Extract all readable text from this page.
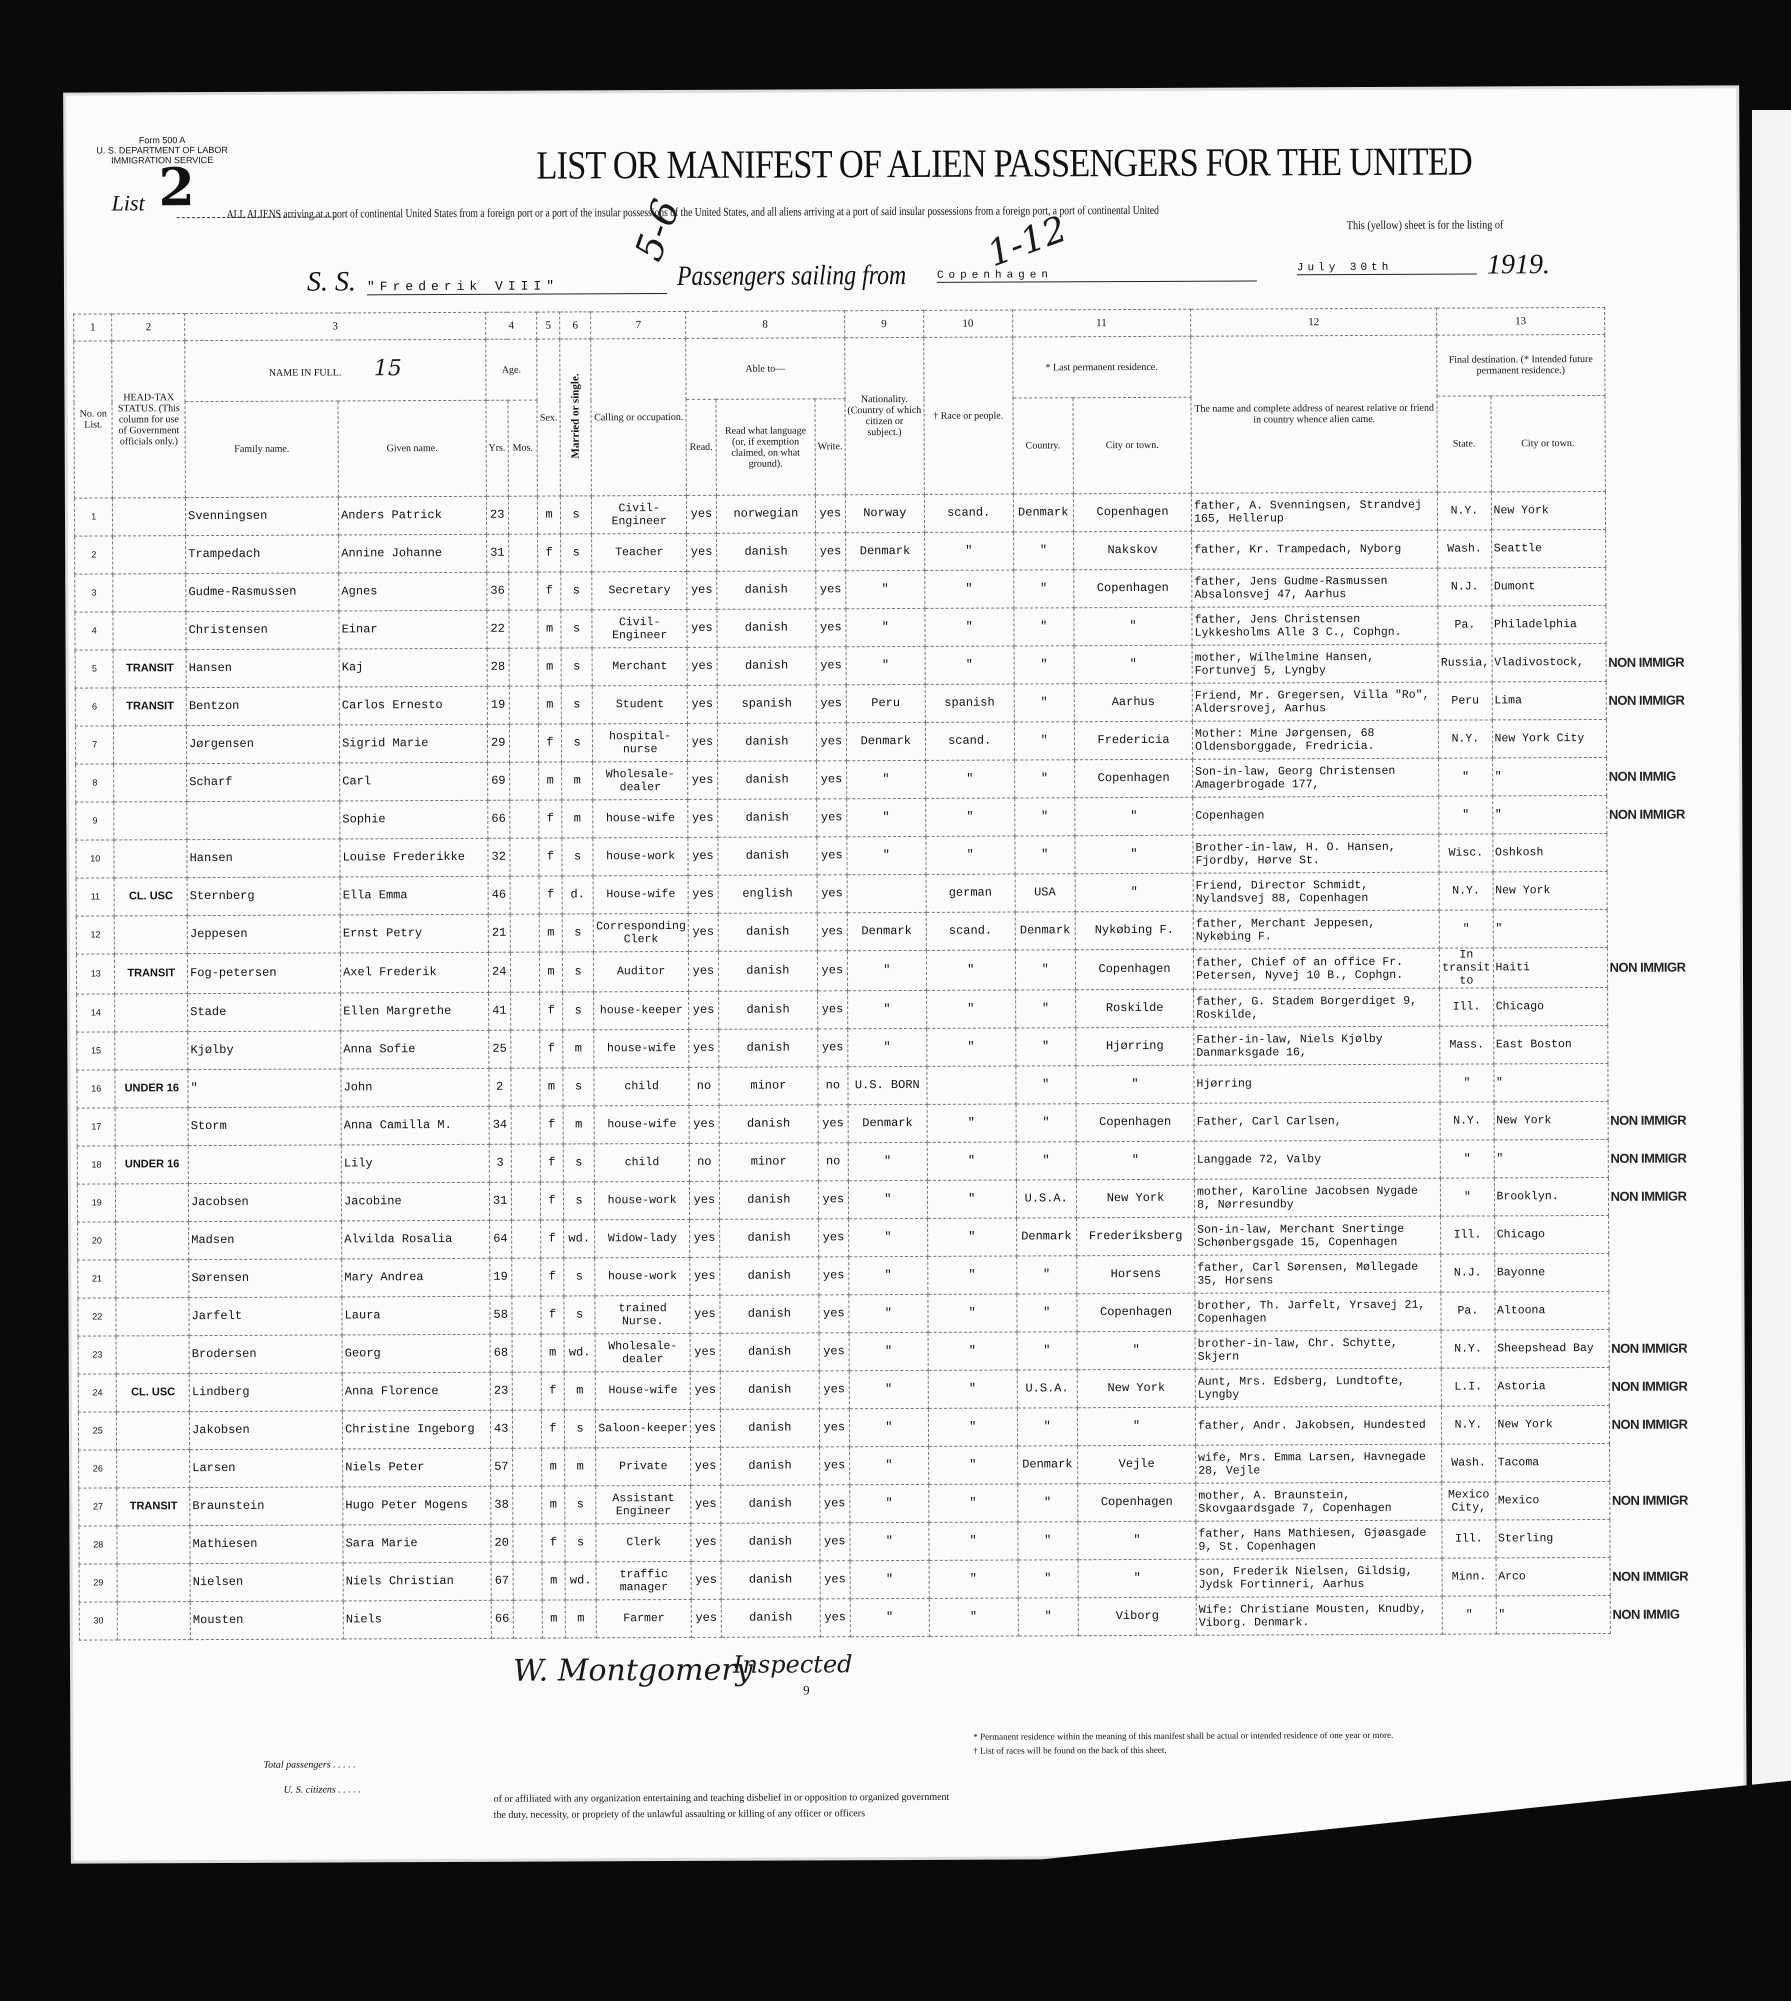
Form 500 A
U. S. DEPARTMENT OF LABOR
IMMIGRATION SERVICE
List 2	LIST OR MANIFEST OF ALIEN PASSENGERS FOR THE UNITED
ALL ALIENS arriving at a port of continental United States from a foreign port or a port of the insular possessions of the United States, and all aliens arriving at a port of said insular possessions from a foreign port, a port of continental United
This (yellow) sheet is for the listing of
5-6	1-12
S. S. "Frederik VIII"	Passengers sailing from	Copenhagen
July 30th	1919.
1	2	3		4		5	6	7	8			9	10	11		12	13		
No. on List.	HEAD-TAX STATUS. (This column for use of Government officials only.)	NAME IN FULL. 15		Age.		Sex.	Married or single.	Calling or occupation.	Able to—			Nationality. (Country of which citizen or subject.)	† Race or people.	* Last permanent residence.		The name and complete address of nearest relative or friend in country whence alien came.	Final destination. (* Intended future permanent residence.)		
		Family name.	Given name.	Yrs.	Mos.				Read.	Read what language (or, if exemption claimed, on what ground).	Write.			Country.	City or town.		State.	City or town.	
1		Svenningsen	Anders Patrick	23		m	s	Civil-Engineer	yes	norwegian	yes	Norway	scand.	Denmark	Copenhagen	father, A. Svenningsen, Strandvej 165, Hellerup	N.Y.	New York	
2		Trampedach	Annine Johanne	31		f	s	Teacher	yes	danish	yes	Denmark	"	"	Nakskov	father, Kr. Trampedach, Nyborg	Wash.	Seattle	
3		Gudme-Rasmussen	Agnes	36		f	s	Secretary	yes	danish	yes	"	"	"	Copenhagen	father, Jens Gudme-Rasmussen Absalonsvej 47, Aarhus	N.J.	Dumont	
4		Christensen	Einar	22		m	s	Civil-Engineer	yes	danish	yes	"	"	"	"	father, Jens Christensen Lykkesholms Alle 3 C., Cophgn.	Pa.	Philadelphia	
5	TRANSIT	Hansen	Kaj	28		m	s	Merchant	yes	danish	yes	"	"	"	"	mother, Wilhelmine Hansen, Fortunvej 5, Lyngby	Russia,	Vladivostock,	NON IMMIGR
6	TRANSIT	Bentzon	Carlos Ernesto	19		m	s	Student	yes	spanish	yes	Peru	spanish	"	Aarhus	Friend, Mr. Gregersen, Villa "Ro", Aldersrovej, Aarhus	Peru	Lima	NON IMMIGR
7		Jørgensen	Sigrid Marie	29		f	s	hospital-nurse	yes	danish	yes	Denmark	scand.	"	Fredericia	Mother: Mine Jørgensen, 68 Oldensborggade, Fredricia.	N.Y.	New York City	
8		Scharf	Carl	69		m	m	Wholesale-dealer	yes	danish	yes	"	"	"	Copenhagen	Son-in-law, Georg Christensen Amagerbrogade 177,	"	"	NON IMMIG
9			Sophie	66		f	m	house-wife	yes	danish	yes	"	"	"	"	Copenhagen	"	"	NON IMMIGR
10		Hansen	Louise Frederikke	32		f	s	house-work	yes	danish	yes	"	"	"	"	Brother-in-law, H. O. Hansen, Fjordby, Hørve St.	Wisc.	Oshkosh	
11	CL. USC	Sternberg	Ella Emma	46		f	d.	House-wife	yes	english	yes		german	USA	"	Friend, Director Schmidt, Nylandsvej 88, Copenhagen	N.Y.	New York	
12		Jeppesen	Ernst Petry	21		m	s	Corresponding Clerk	yes	danish	yes	Denmark	scand.	Denmark	Nykøbing F.	father, Merchant Jeppesen, Nykøbing F.	"	"	
13	TRANSIT	Fog-petersen	Axel Frederik	24		m	s	Auditor	yes	danish	yes	"	"	"	Copenhagen	father, Chief of an office Fr. Petersen, Nyvej 10 B., Cophgn.	In transit to	Haiti	NON IMMIGR
14		Stade	Ellen Margrethe	41		f	s	house-keeper	yes	danish	yes	"	"	"	Roskilde	father, G. Stadem Borgerdiget 9, Roskilde,	Ill.	Chicago	
15		Kjølby	Anna Sofie	25		f	m	house-wife	yes	danish	yes	"	"	"	Hjørring	Father-in-law, Niels Kjølby Danmarksgade 16,	Mass.	East Boston	
16	UNDER 16	"	John	2		m	s	child	no	minor	no	U.S. BORN		"	"	Hjørring	"	"	
17		Storm	Anna Camilla M.	34		f	m	house-wife	yes	danish	yes	Denmark	"	"	Copenhagen	Father, Carl Carlsen,	N.Y.	New York	NON IMMIGR
18	UNDER 16		Lily	3		f	s	child	no	minor	no	"	"	"	"	Langgade 72, Valby	"	"	NON IMMIGR
19		Jacobsen	Jacobine	31		f	s	house-work	yes	danish	yes	"	"	U.S.A.	New York	mother, Karoline Jacobsen Nygade 8, Nørresundby	"	Brooklyn.	NON IMMIGR
20		Madsen	Alvilda Rosalia	64		f	wd.	Widow-lady	yes	danish	yes	"	"	Denmark	Frederiksberg	Son-in-law, Merchant Snertinge Schønbergsgade 15, Copenhagen	Ill.	Chicago	
21		Sørensen	Mary Andrea	19		f	s	house-work	yes	danish	yes	"	"	"	Horsens	father, Carl Sørensen, Møllegade 35, Horsens	N.J.	Bayonne	
22		Jarfelt	Laura	58		f	s	trained Nurse.	yes	danish	yes	"	"	"	Copenhagen	brother, Th. Jarfelt, Yrsavej 21, Copenhagen	Pa.	Altoona	
23		Brodersen	Georg	68		m	wd.	Wholesale-dealer	yes	danish	yes	"	"	"	"	brother-in-law, Chr. Schytte, Skjern	N.Y.	Sheepshead Bay	NON IMMIGR
24	CL. USC	Lindberg	Anna Florence	23		f	m	House-wife	yes	danish	yes	"	"	U.S.A.	New York	Aunt, Mrs. Edsberg, Lundtofte, Lyngby	L.I.	Astoria	NON IMMIGR
25		Jakobsen	Christine Ingeborg	43		f	s	Saloon-keeper	yes	danish	yes	"	"	"	"	father, Andr. Jakobsen, Hundested	N.Y.	New York	NON IMMIGR
26		Larsen	Niels Peter	57		m	m	Private	yes	danish	yes	"	"	Denmark	Vejle	wife, Mrs. Emma Larsen, Havnegade 28, Vejle	Wash.	Tacoma	
27	TRANSIT	Braunstein	Hugo Peter Mogens	38		m	s	Assistant Engineer	yes	danish	yes	"	"	"	Copenhagen	mother, A. Braunstein, Skovgaardsgade 7, Copenhagen	Mexico City,	Mexico	NON IMMIGR
28		Mathiesen	Sara Marie	20		f	s	Clerk	yes	danish	yes	"	"	"	"	father, Hans Mathiesen, Gjøasgade 9, St. Copenhagen	Ill.	Sterling	
29		Nielsen	Niels Christian	67		m	wd.	traffic manager	yes	danish	yes	"	"	"	"	son, Frederik Nielsen, Gildsig, Jydsk Fortinneri, Aarhus	Minn.	Arco	NON IMMIGR
30		Mousten	Niels	66		m	m	Farmer	yes	danish	yes	"	"	"	Viborg	Wife: Christiane Mousten, Knudby, Viborg. Denmark.	"	"	NON IMMIG
W. Montgomery
Inspected
9
Total passengers . . . . .
U. S. citizens . . . . .
* Permanent residence within the meaning of this manifest shall be actual or intended residence of one year or more.
† List of races will be found on the back of this sheet.
of or affiliated with any organization entertaining and teaching disbelief in or opposition to organized government
the duty, necessity, or propriety of the unlawful assaulting or killing of any officer or officers
